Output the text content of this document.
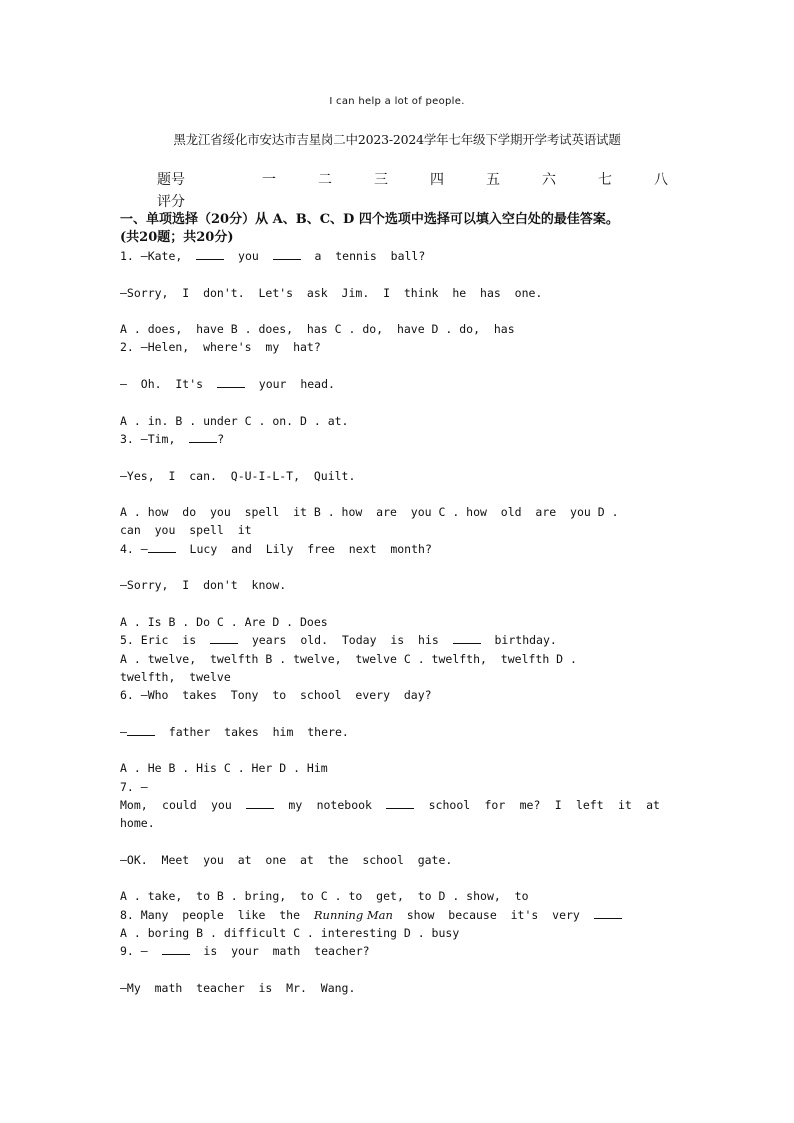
I can help a lot of people.
黑龙江省绥化市安达市吉星岗二中2023-2024学年七年级下学期开学考试英语试题
题号	一	二	三	四	五	六	七	八
评分
一、单项选择（20分）从 A、B、C、D 四个选项中选择可以填入空白处的最佳答案。
(共20题；共20分)
1. —Kate,    you    a  tennis  ball?
—Sorry,  I  don't.  Let's  ask  Jim.  I  think  he  has  one.
A . does,  have B . does,  has C . do,  have D . do,  has
2. —Helen,  where's  my  hat?
—  Oh.  It's    your  head.
A . in. B . under C . on. D . at.
3. —Tim,  ?
—Yes,  I  can.  Q-U-I-L-T,  Quilt.
A . how  do  you  spell  it B . how  are  you C . how  old  are  you D .
can  you  spell  it
4. —  Lucy  and  Lily  free  next  month?
—Sorry,  I  don't  know.
A . Is B . Do C . Are D . Does
5. Eric  is    years  old.  Today  is  his    birthday.
A . twelve,  twelfth B . twelve,  twelve C . twelfth,  twelfth D .
twelfth,  twelve
6. —Who  takes  Tony  to  school  every  day?
—  father  takes  him  there.
A . He B . His C . Her D . Him
7. —
Mom, could you  my notebook  school for me? I left it at
home.
—OK.  Meet  you  at  one  at  the  school  gate.
A . take,  to B . bring,  to C . to  get,  to D . show,  to
8. Many  people  like  the  Running Man  show  because  it's  very
A . boring B . difficult C . interesting D . busy
9. —    is  your  math  teacher?
—My  math  teacher  is  Mr.  Wang.
